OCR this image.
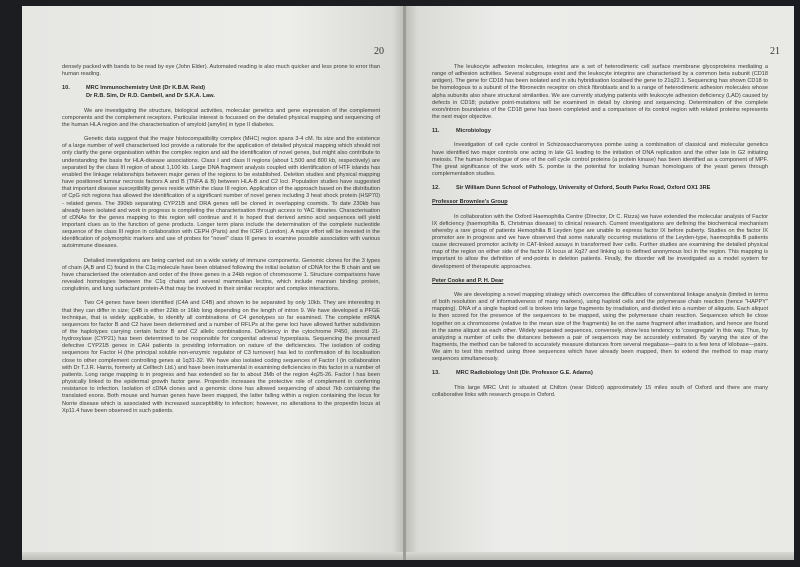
20

densely packed with bands to be read by eye (John Elder). Automated reading is also much quicker and less prone to error than human reading.

10.	MRC Immunochemistry Unit (Dr K.B.M. Reid)
Dr R.B. Sim, Dr R.D. Cambell, and Dr S.K.A. Law.

We are investigating the structure, biological activities, molecular genetics and gene expression of the complement components and the complement receptors. Particular interest is focussed on the detailed physical mapping and sequencing of the human HLA region and the characterisation of amyloid (amylin) in type II diabetes.

Genetic data suggest that the major histocompatibility complex (MHC) region spans 3-4 cM. Its size and the existence of a large number of well characterised loci provide a rationale for the application of detailed physical mapping which should not only clarify the gene organisation within the complex region and aid the identification of novel genes, but might also contribute to understanding the basis for HLA-disease associations. Class I and class II regions (about 1,500 and 800 kb, respectively) are separated by the class III region of about 1,100 kb. Large DNA fragment analysis coupled with identification of HTF islands has enabled the linkage relationships between major genes of the regions to be established. Deletion studies and physical mapping have positioned tumour necrosis factors A and B (TNFA & B) between HLA-B and C2 loci. Population studies have suggested that important disease susceptibility genes reside within the class III region. Application of the approach based on the distribution of CpG rich regions has allowed the identification of a significant number of novel genes including 3 heat shock protein (HSP70) - related genes. The 390kb separating CYP21B and DRA genes will be cloned in overlapping cosmids. To date 230kb has already been isolated and work in progress is completing the characterisation through access to YAC libraries. Characterisation of cDNAs for the genes mapping to this region will continue and it is hoped that derived amino acid sequences will yield important clues as to the function of gene products. Longer term plans include the determination of the complete nucleotide sequence of the class III region in collaboration with CEPH (Paris) and the ICRF (London). A major effort will be invested in the identification of polymorphic markers and use of probes for "novel" class III genes to examine possible association with various autoimmune diseases.

Detailed investigations are being carried out on a wide variety of immune components. Genomic clones for the 3 types of chain (A,B and C) found in the C1q molecule have been obtained following the initial isolation of cDNA for the B chain and we have characterised the orientation and order of the three genes in a 24kb region of chromosome 1. Structure comparisons have revealed homologies between the C1q chains and several mammalian lectins, which include mannan binding protein, conglutinin, and lung surfactant protein-A that may be involved in their similar receptor and complex interactions.

Two C4 genes have been identified (C4A and C4B) and shown to be separated by only 10kb. They are interesting in that they can differ in size; C4B is either 22kb or 16kb long depending on the length of intron 9. We have developed a PFGE technique, that is widely applicable, to identify all combinations of C4 genotypes so far examined. The complete mRNA sequences for factor B and C2 have been determined and a number of RFLPs at the gene loci have allowed further subdivision of the haplotypes carrying certain factor B and C2 allelic combinations. Deficiency in the cytochrome P450, steroid 21-hydroxylase (CYP21) has been determined to be responsible for congenital adrenal hyperplasia. Sequencing the presumed defective CYP21B genes in CAH patients is providing information on nature of the deficiencies. The isolation of coding sequences for Factor H (the principal soluble non-enzymic regulator of C3 turnover) has led to confirmation of its localisation close to other complement controlling genes at 1q31-32. We have also isolated coding sequences of Factor I (in collaboration with Dr T.J.R. Harris, formerly at Celltech Ltd.) and have been instrumental in examining deficiencies in this factor in a number of patients. Long range mapping is in progress and has extended so far to about 3Mb of the region 4q25-26. Factor I has been physically linked to the epidermal growth factor gene. Properdin increases the protective role of complement in conferring resistance to infection. Isolation of cDNA clones and a genomic clone has allowed sequencing of about 7kb containing the translated exons. Both mouse and human genes have been mapped, the latter falling within a region containing the locus for Norrie disease which is associated with increased susceptibility to infection; however, no alterations to the properdin locus at Xp11.4 have been observed in such patients.

21

The leukocyte adhesion molecules, integrins are a set of heterodimeric cell surface membrane glycoproteins mediating a range of adhesion activities. Several subgroups exist and the leukocyte integrins are characterised by a common beta subunit (CD18 antigen). The gene for CD18 has been isolated and in situ hybridisation localised the gene to 21q22.1. Sequencing has shown CD18 to be homologous to a subunit of the fibronectin receptor on chick fibroblasts and to a range of heterodimeric adhesion molecules whose alpha subunits also share structural similarities. We are currently studying patients with leukocyte adhesion deficiency (LAD) caused by defects in CD18; putative point-mutations will be examined in detail by cloning and sequencing. Determination of the complete exon/intron boundaries of the CD18 gene has been completed and a comparison of its control region with related proteins represents the next major objective.

11.	Microbiology

Investigation of cell cycle control in Schizosaccharomyces pombe using a combination of classical and molecular genetics have identified two major controls one acting in late G1 leading to the initiation of DNA replication and the other late in G2 initiating meiosis. The human homologue of one of the cell cycle control proteins (a protein kinase) has been identified as a component of MPF. The great significance of the work with S. pombe is the potential for isolating human homologues of the yeast genes through complementation studies.

12.	Sir William Dunn School of Pathology, University of Oxford, South Parks Road, Oxford OX1 3RE
Professor Brownlee's Group

In collaboration with the Oxford Haemophilia Centre (Director, Dr C. Rizza) we have extended the molecular analysis of Factor IX deficiency (haemophilia B, Christmas disease) to clinical research. Current investigations are defining the biochemical mechanism whereby a rare group of patients Hemophilia B Leyden type are unable to express factor IX before puberty. Studies on the factor IX promotor are in progress and we have observed that some naturally occurring mutations of the Leyden-type, haemophilia B patients cause decreased promotor activity in CAT-linked assays in transformed liver cells. Further studies are examining the detailed physical map of the region on either side of the factor IX locus at Xq27 and linking up to defined anonymous loci in the region. This mapping is important to allow the definition of end-points in deletion patients. Finally, the disorder will be investigated as a model system for development of therapeutic approaches.

Peter Cooke and P. H. Dear

We are developing a novel mapping strategy which overcomes the difficulties of conventional linkage analysis (limited in terms of both resolution and of informativeness of many markers), using haploid cells and the polymerase chain reaction (hence "HAPPY" mapping). DNA of a single haploid cell is broken into large fragments by irradiation, and divided into a number of aliquots. Each aliquot is then scored for the presence of the sequences to be mapped, using the polymerase chain reaction. Sequences which lie close together on a chromosome (relative to the mean size of the fragments) lie on the same fragment after irradiation, and hence are found in the same aliquot as each other. Widely separated sequences, conversely, show less tendency to 'cosegregate' in this way. Thus, by analyzing a number of cells the distances between a pair of sequences may be accurately estimated. By varying the size of the fragments, the method can be tailored to accurately measure distances from several megabase—pairs to a few tens of kilobase—pairs. We aim to test this method using three sequences which have already been mapped, then to extend the method to map many sequences simultaneously.

13.	MRC Radiobiology Unit (Dir. Professor G.E. Adams)

This large MRC Unit is situated at Chilton (near Didcot) approximately 15 miles south of Oxford and there are many collaborative links with research groups in Oxford.
